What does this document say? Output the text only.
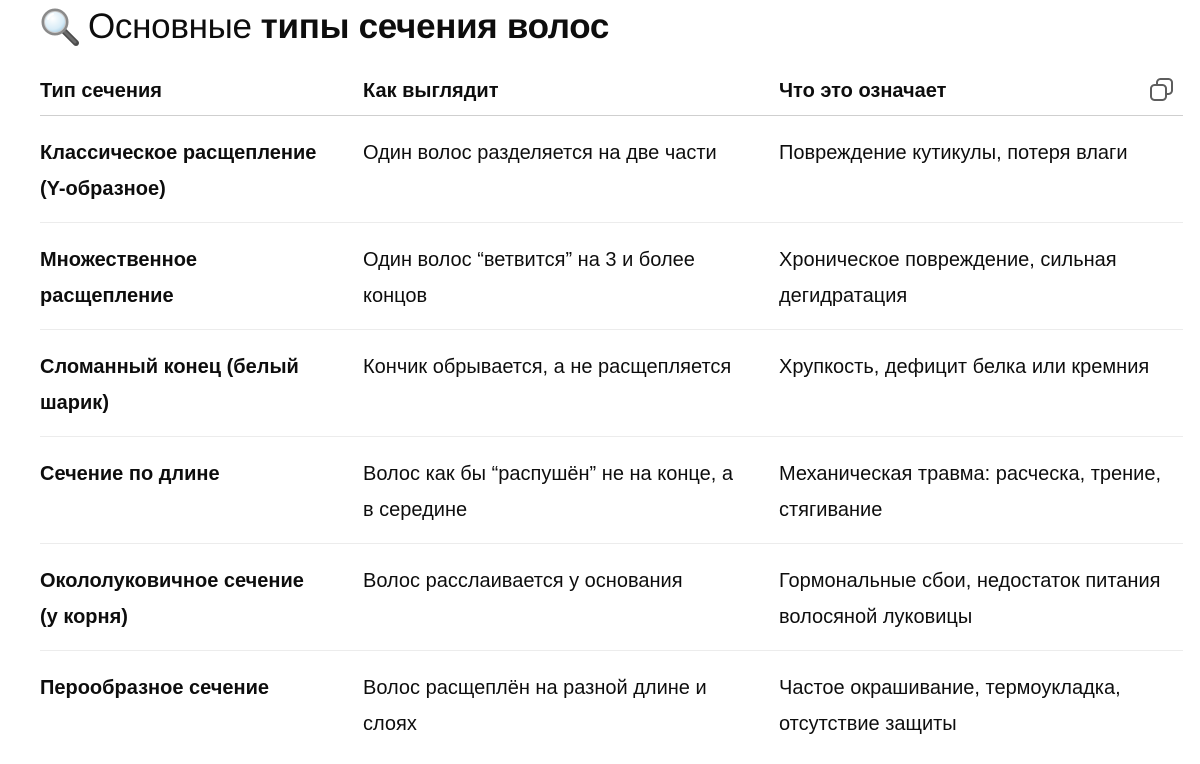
Основные типы сечения волос
Тип сечения	Как выглядит	Что это означает
Классическое расщепление (Y-образное)	Один волос разделяется на две части	Повреждение кутикулы, потеря влаги
Множественное расщепление	Один волос “ветвится” на 3 и более концов	Хроническое повреждение, сильная дегидратация
Сломанный конец (белый шарик)	Кончик обрывается, а не расщепляется	Хрупкость, дефицит белка или кремния
Сечение по длине	Волос как бы “распушён” не на конце, а в середине	Механическая травма: расческа, трение, стягивание
Окололуковичное сечение (у корня)	Волос расслаивается у основания	Гормональные сбои, недостаток питания волосяной луковицы
Перообразное сечение	Волос расщеплён на разной длине и слоях	Частое окрашивание, термоукладка, отсутствие защиты
